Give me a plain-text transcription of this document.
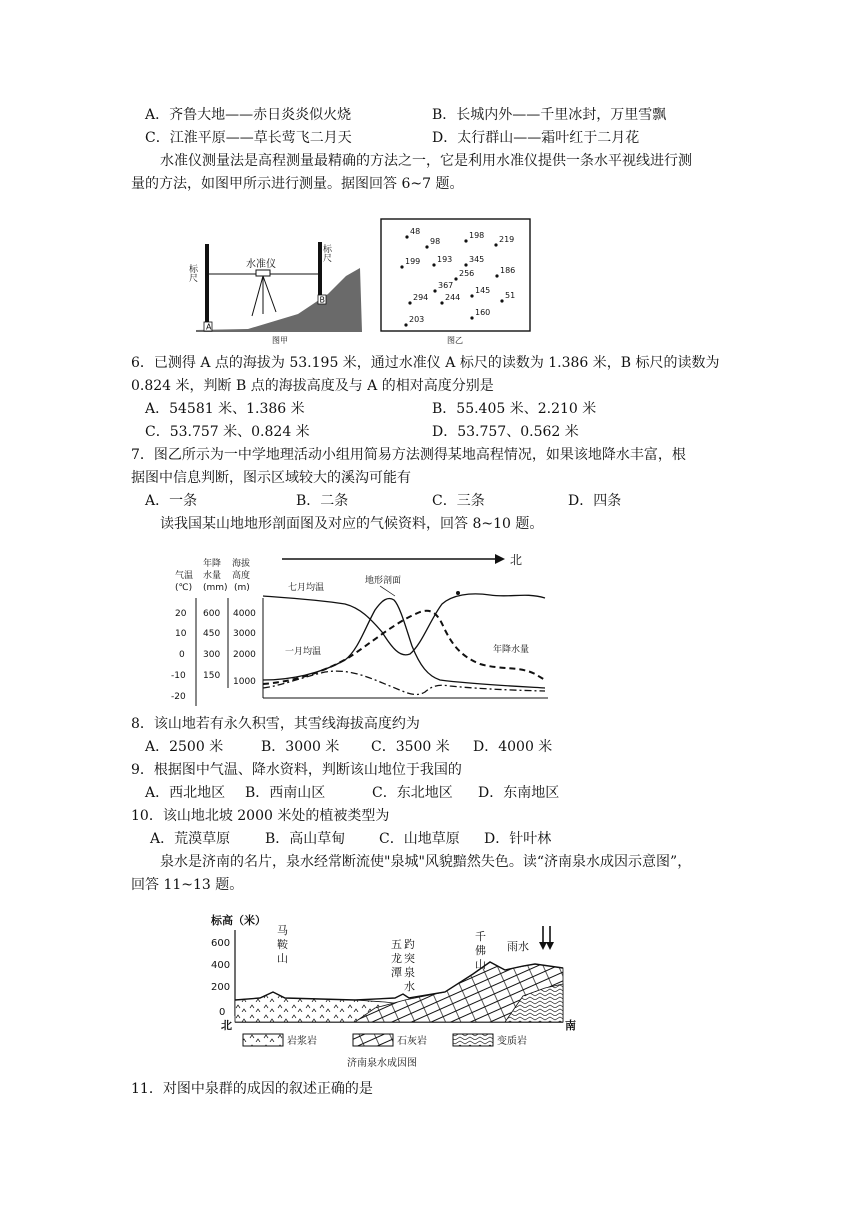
A．齐鲁大地——赤日炎炎似火烧	B．长城内外——千里冰封，万里雪飘
C．江淮平原——草长莺飞二月天	D．太行群山——霜叶红于二月花
水准仪测量法是高程测量最精确的方法之一，它是利用水准仪提供一条水平视线进行测
量的方法，如图甲所示进行测量。据图回答 6~7 题。
A
B
水准仪
标尺
标尺
图甲
48
98
198 219
199 193 345
256	186
367
145
294 244	51
160
203
图乙
6．已测得 A 点的海拔为 53.195 米，通过水准仪 A 标尺的读数为 1.386 米，B 标尺的读数为
0.824 米，判断 B 点的海拔高度及与 A 的相对高度分别是
A．54581 米、1.386 米	B．55.405 米、2.210 米
C．53.757 米、0.824 米	D．53.757、0.562 米
7．图乙所示为一中学地理活动小组用简易方法测得某地高程情况，如果该地降水丰富，根
据图中信息判断，图示区域较大的溪沟可能有
A．一条	B．二条	C．三条	D．四条
读我国某山地地形剖面图及对应的气候资料，回答 8~10 题。
北
气温
(℃)
年降
水量
(mm)
海拔
高度
(m)
20
10
0
-10
-20
600
450
300
150
4000
3000
2000
1000
七月均温
地形剖面
一月均温	年降水量
8．该山地若有永久积雪，其雪线海拔高度约为
A．2500 米	B．3000 米 C．3500 米 D．4000 米
9．根据图中气温、降水资料，判断该山地位于我国的
A．西北地区 B．西南山区	C．东北地区 D．东南地区
10．该山地北坡 2000 米处的植被类型为
A．荒漠草原 B．高山草甸 C．山地草原 D．针叶林
泉水是济南的名片，泉水经常断流使"泉城"风貌黯然失色。读“济南泉水成因示意图”，
回答 11~13 题。
标高（米）
600
400
200
0
北	南
马
鞍
山
五
龙
潭
趵
突
泉
水
千
佛
山
雨水
岩浆岩	石灰岩	变质岩
济南泉水成因图
11．对图中泉群的成因的叙述正确的是
